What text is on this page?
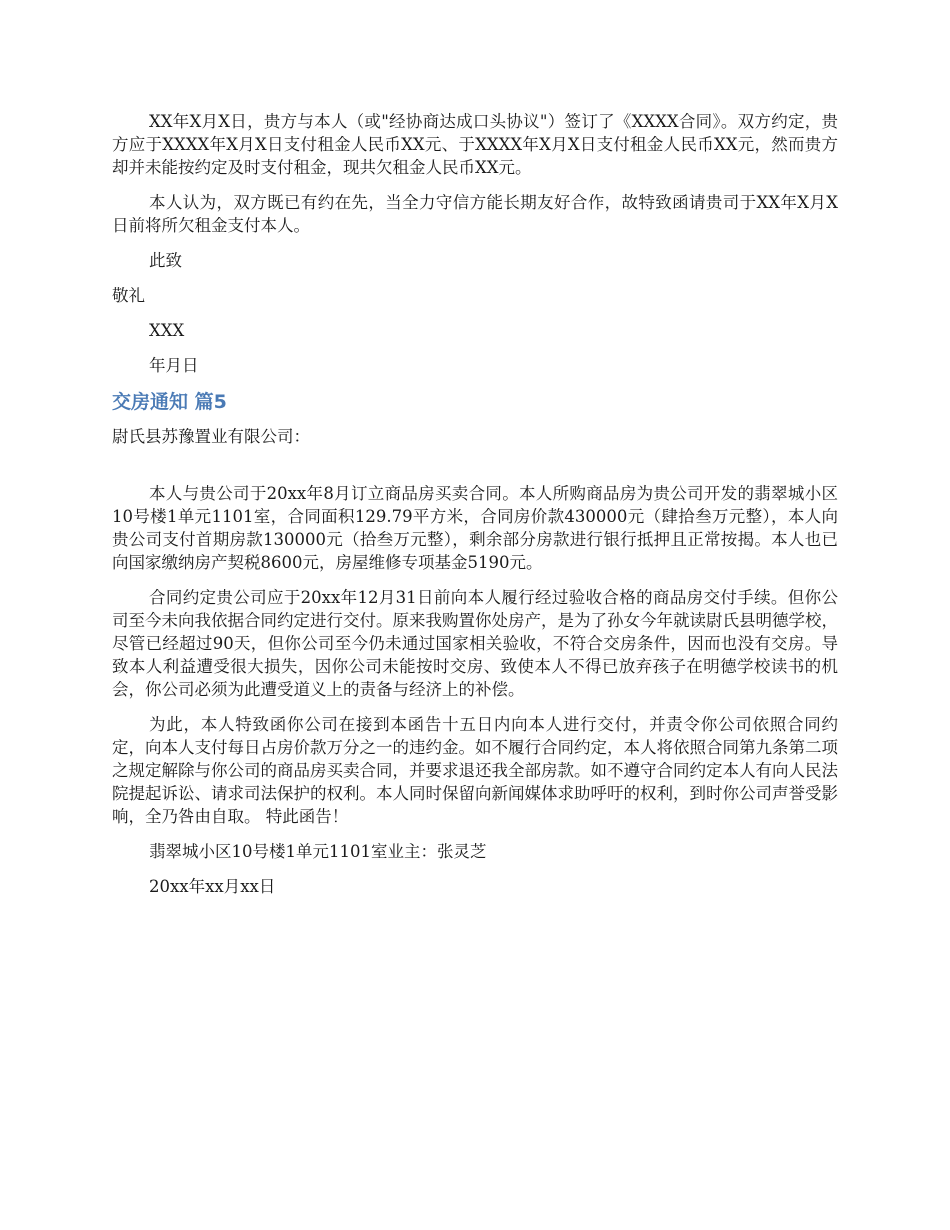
XX年X月X日，贵方与本人（或"经协商达成口头协议"）签订了《XXXX合同》。双方约定，贵方应于XXXX年X月X日支付租金人民币XX元、于XXXX年X月X日支付租金人民币XX元，然而贵方却并未能按约定及时支付租金，现共欠租金人民币XX元。

本人认为，双方既已有约在先，当全力守信方能长期友好合作，故特致函请贵司于XX年X月X日前将所欠租金支付本人。

此致

敬礼

XXX

年月日

交房通知 篇5

尉氏县苏豫置业有限公司：

本人与贵公司于20xx年8月订立商品房买卖合同。本人所购商品房为贵公司开发的翡翠城小区10号楼1单元1101室，合同面积129.79平方米，合同房价款430000元（肆拾叁万元整），本人向贵公司支付首期房款130000元（拾叁万元整），剩余部分房款进行银行抵押且正常按揭。本人也已向国家缴纳房产契税8600元，房屋维修专项基金5190元。

合同约定贵公司应于20xx年12月31日前向本人履行经过验收合格的商品房交付手续。但你公司至今未向我依据合同约定进行交付。原来我购置你处房产，是为了孙女今年就读尉氏县明德学校，尽管已经超过90天，但你公司至今仍未通过国家相关验收，不符合交房条件，因而也没有交房。导致本人利益遭受很大损失，因你公司未能按时交房、致使本人不得已放弃孩子在明德学校读书的机会，你公司必须为此遭受道义上的责备与经济上的补偿。

为此，本人特致函你公司在接到本函告十五日内向本人进行交付，并责令你公司依照合同约定，向本人支付每日占房价款万分之一的违约金。如不履行合同约定，本人将依照合同第九条第二项之规定解除与你公司的商品房买卖合同，并要求退还我全部房款。如不遵守合同约定本人有向人民法院提起诉讼、请求司法保护的权利。本人同时保留向新闻媒体求助呼吁的权利，到时你公司声誉受影响，全乃咎由自取。 特此函告！

翡翠城小区10号楼1单元1101室业主：张灵芝

20xx年xx月xx日
